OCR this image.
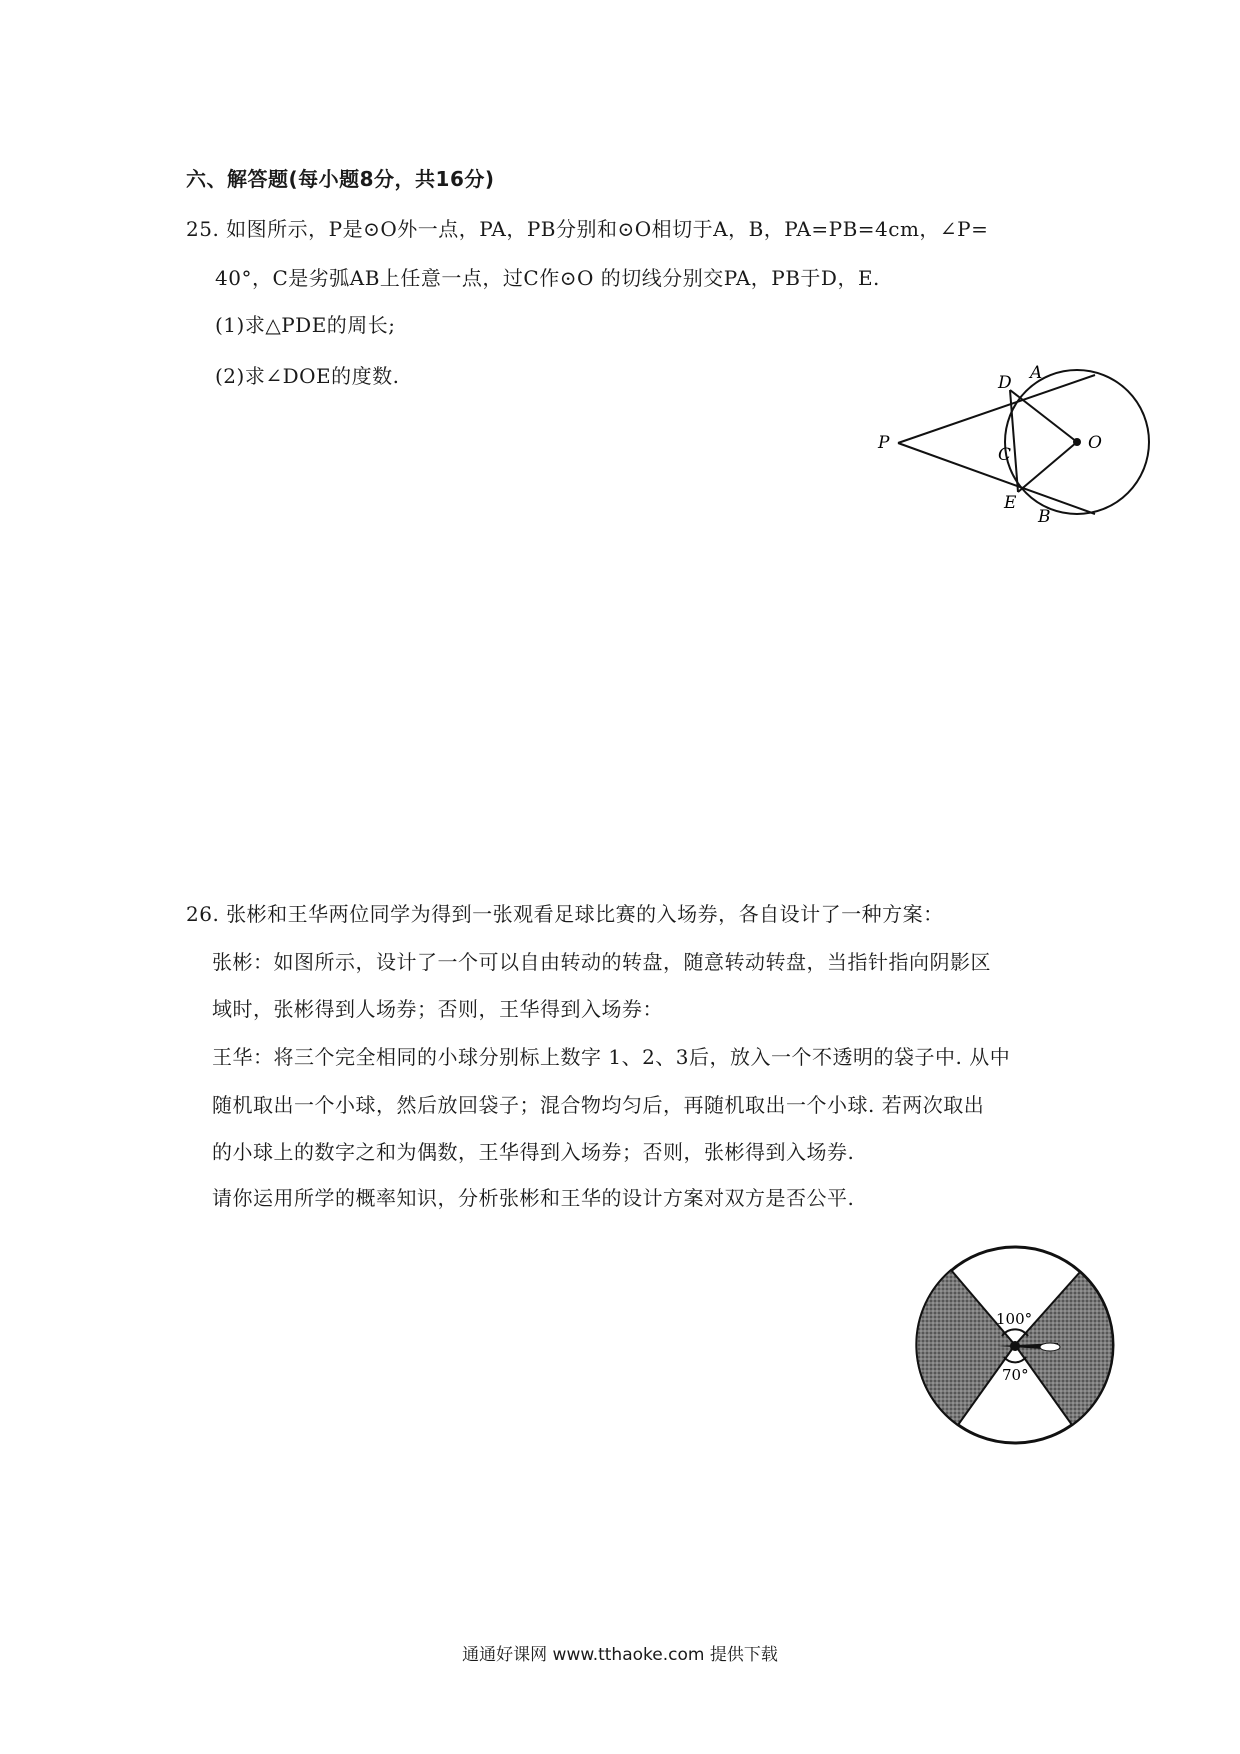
六、解答题(每小题8分，共16分)
25. 如图所示，P是⊙O外一点，PA，PB分别和⊙O相切于A，B，PA=PB=4cm，∠P=
40°，C是劣弧AB上任意一点，过C作⊙O 的切线分别交PA，PB于D，E.
(1)求△PDE的周长;
(2)求∠DOE的度数.
P
D A
O
C
E
B
26. 张彬和王华两位同学为得到一张观看足球比赛的入场券，各自设计了一种方案：
张彬：如图所示，设计了一个可以自由转动的转盘，随意转动转盘，当指针指向阴影区
域时，张彬得到人场券；否则，王华得到入场券：
王华：将三个完全相同的小球分别标上数字 1、2、3后，放入一个不透明的袋子中. 从中
随机取出一个小球，然后放回袋子；混合物均匀后，再随机取出一个小球. 若两次取出
的小球上的数字之和为偶数，王华得到入场券；否则，张彬得到入场券.
请你运用所学的概率知识，分析张彬和王华的设计方案对双方是否公平.
100°
70°
通通好课网 www.tthaoke.com 提供下载
